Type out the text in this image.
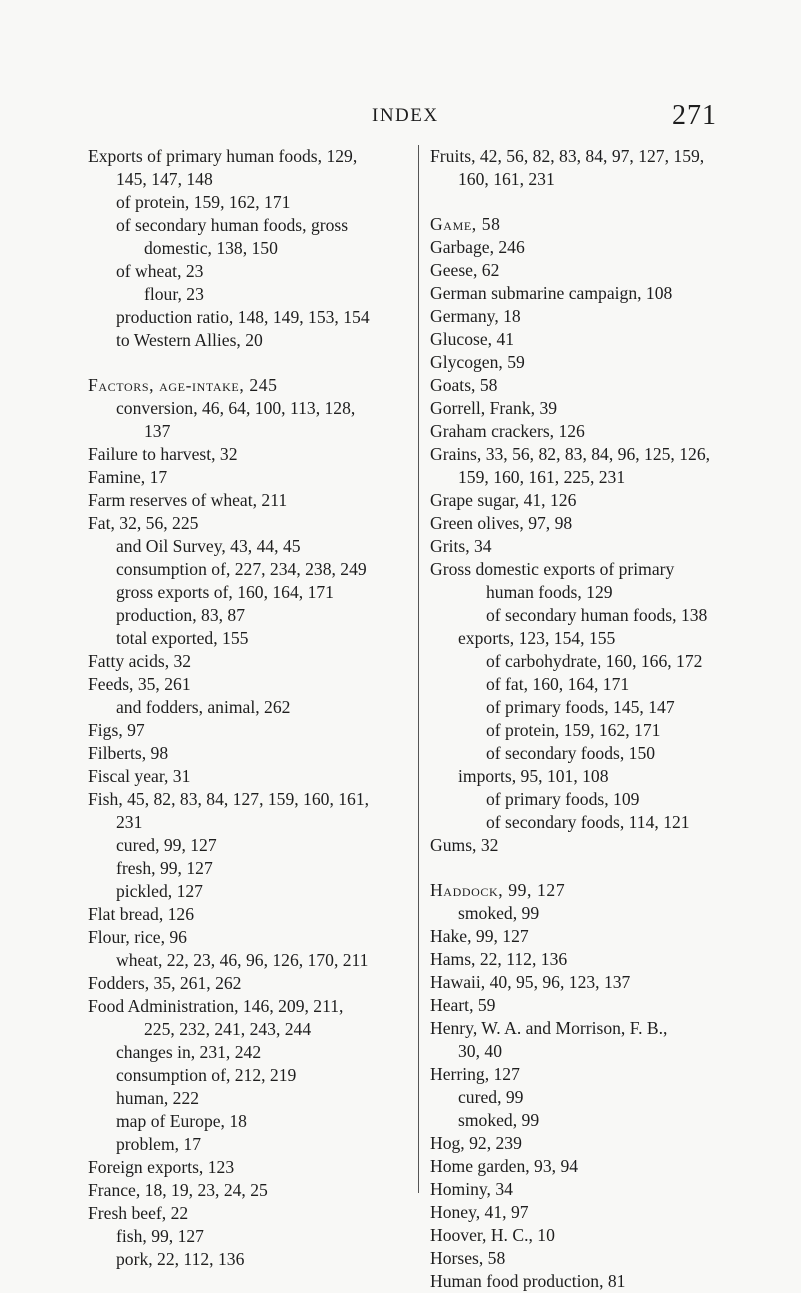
INDEX	271
Exports of primary human foods, 129,
145, 147, 148
of protein, 159, 162, 171
of secondary human foods, gross
domestic, 138, 150
of wheat, 23
flour, 23
production ratio, 148, 149, 153, 154
to Western Allies, 20
Factors, age-intake, 245
conversion, 46, 64, 100, 113, 128,
137
Failure to harvest, 32
Famine, 17
Farm reserves of wheat, 211
Fat, 32, 56, 225
and Oil Survey, 43, 44, 45
consumption of, 227, 234, 238, 249
gross exports of, 160, 164, 171
production, 83, 87
total exported, 155
Fatty acids, 32
Feeds, 35, 261
and fodders, animal, 262
Figs, 97
Filberts, 98
Fiscal year, 31
Fish, 45, 82, 83, 84, 127, 159, 160, 161,
231
cured, 99, 127
fresh, 99, 127
pickled, 127
Flat bread, 126
Flour, rice, 96
wheat, 22, 23, 46, 96, 126, 170, 211
Fodders, 35, 261, 262
Food Administration, 146, 209, 211,
225, 232, 241, 243, 244
changes in, 231, 242
consumption of, 212, 219
human, 222
map of Europe, 18
problem, 17
Foreign exports, 123
France, 18, 19, 23, 24, 25
Fresh beef, 22
fish, 99, 127
pork, 22, 112, 136
Fruits, 42, 56, 82, 83, 84, 97, 127, 159,
160, 161, 231
Game, 58
Garbage, 246
Geese, 62
German submarine campaign, 108
Germany, 18
Glucose, 41
Glycogen, 59
Goats, 58
Gorrell, Frank, 39
Graham crackers, 126
Grains, 33, 56, 82, 83, 84, 96, 125, 126,
159, 160, 161, 225, 231
Grape sugar, 41, 126
Green olives, 97, 98
Grits, 34
Gross domestic exports of primary
human foods, 129
of secondary human foods, 138
exports, 123, 154, 155
of carbohydrate, 160, 166, 172
of fat, 160, 164, 171
of primary foods, 145, 147
of protein, 159, 162, 171
of secondary foods, 150
imports, 95, 101, 108
of primary foods, 109
of secondary foods, 114, 121
Gums, 32
Haddock, 99, 127
smoked, 99
Hake, 99, 127
Hams, 22, 112, 136
Hawaii, 40, 95, 96, 123, 137
Heart, 59
Henry, W. A. and Morrison, F. B.,
30, 40
Herring, 127
cured, 99
smoked, 99
Hog, 92, 239
Home garden, 93, 94
Hominy, 34
Honey, 41, 97
Hoover, H. C., 10
Horses, 58
Human food production, 81
